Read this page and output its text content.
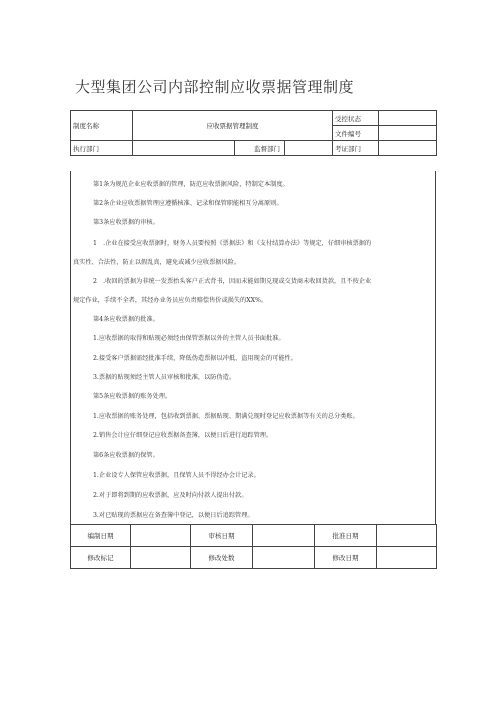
大型集团公司内部控制应收票据管理制度
制度名称	应收票据管理制度			受控状态	
				文件编号	
执行部门		监督部门		考证部门	
第1条为规范企业应收票据的管理，防范应收票据风险，特制定本制度。
第2条企业应收票据管理应遵循核准、记录和保管职能相互分离原则。
第3条应收票据的审核。
1　.企业在接受应收票据时，财务人员要按照《票据法》和《支付结算办法》等规定，仔细审核票据的
真实性、合法性，防止以假乱真，避免或减少应收票据风险。
2　.收回的票据为非统一发票抬头客户正式背书，因而未能如期兑现或交货商未收回货款，且不按企业
规定作业，手续不全者，其经办业务员应负责赔偿售价或损失的XX%。
第4条应收票据的批准。
1.应收票据的取得和贴现必须经由保管票据以外的主管人员书面批准。
2.接受客户票据需经批准手续，降低伪造票据以冲抵、盗用现金的可能性。
3.票据的贴现须经主管人员审核和批准，以防伪造。
第5条应收票据的账务处理。
1.应收票据的账务处理，包括收到票据、票据贴现、期满兑现时登记应收票据等有关的总分类账。
2.销售会计应仔细登记应收票据备查簿，以便日后进行追踪管理。
第6条应收票据的保管。
1.企业设专人保管应收票据，且保管人员不得经办会计记录。
2.对于即将到期的应收票据，应及时向付款人提出付款。
3.对已贴现的票据应在备查簿中登记，以便日后追踪管理。
编制日期		审核日期		批准日期	
修改标记		修改处数		修改日期	
